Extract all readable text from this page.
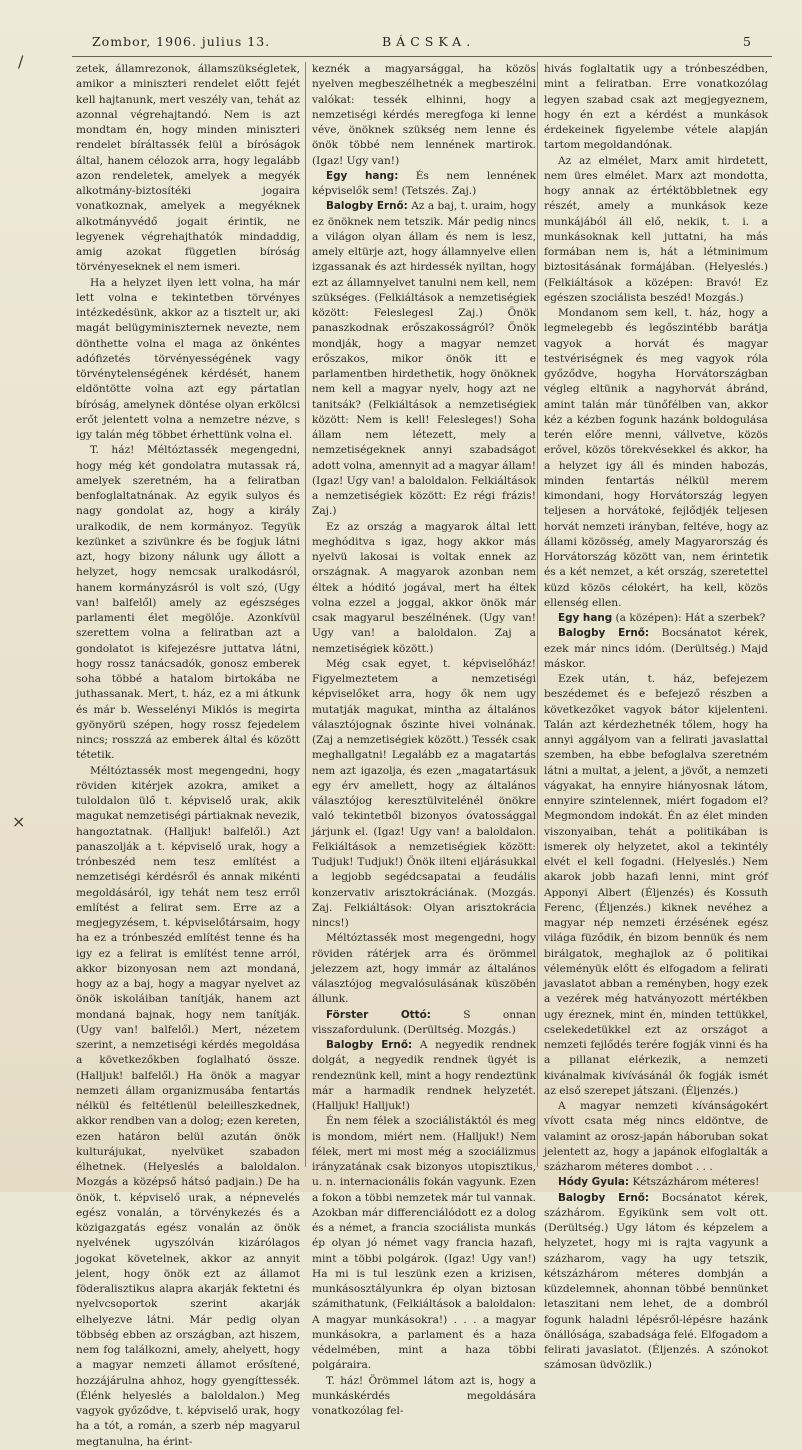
Zombor, 1906. julius 13.	BÁCSKA.	5

zetek, államrezonok, államszükségletek, amikor a miniszteri rendelet előtt fejét kell hajtanunk, mert veszély van, tehát az azonnal végrehajtandó. Nem is azt mondtam én, hogy minden miniszteri rendelet bíráltassék felül a bíróságok által, hanem célozok arra, hogy legalább azon rendeletek, amelyek a megyék alkotmány-biztosítéki jogaira vonatkoznak, amelyek a megyéknek alkotmányvédő jogait érintik, ne legyenek végrehajthatók mindaddig, amig azokat független bíróság törvényeseknek el nem ismeri.

Ha a helyzet ilyen lett volna, ha már lett volna e tekintetben törvényes intézkedésünk, akkor az a tisztelt ur, aki magát belügyminiszternek nevezte, nem dönthette volna el maga az önkéntes adófizetés törvényességének vagy törvénytelenségének kérdését, hanem eldöntötte volna azt egy pártatlan bíróság, amelynek döntése olyan erkölcsi erőt jelentett volna a nemzetre nézve, s igy talán még többet érhettünk volna el.

T. ház! Méltóztassék megengedni, hogy még két gondolatra mutassak rá, amelyek szeretném, ha a feliratban benfoglaltatnának. Az egyik sulyos és nagy gondolat az, hogy a király uralkodik, de nem kormányoz. Tegyük kezünket a szivünkre és be fogjuk látni azt, hogy bizony nálunk ugy állott a helyzet, hogy nemcsak uralkodásról, hanem kormányzásról is volt szó, (Ugy van! balfelől) amely az egészséges parlamenti élet megölője. Azonkívül szerettem volna a feliratban azt a gondolatot is kifejezésre juttatva látni, hogy rossz tanácsadók, gonosz emberek soha többé a hatalom birtokába ne juthassanak. Mert, t. ház, ez a mi átkunk és már b. Wesselényi Miklós is megirta gyönyörü szépen, hogy rossz fejedelem nincs; rosszzá az emberek által és között tétetik.

Méltóztassék most megengedni, hogy röviden kitérjek azokra, amiket a tuloldalon ülő t. képviselő urak, akik magukat nemzetiségi pártiaknak nevezik, hangoztatnak. (Halljuk! balfelől.) Azt panaszolják a t. képviselő urak, hogy a trónbeszéd nem tesz említést a nemzetiségi kérdésről és annak mikénti megoldásáról, igy tehát nem tesz erről említést a felirat sem. Erre az a megjegyzésem, t. képviselőtársaim, hogy ha ez a trónbeszéd említést tenne és ha igy ez a felirat is említést tenne arról, akkor bizonyosan nem azt mondaná, hogy az a baj, hogy a magyar nyelvet az önök iskoláiban tanítják, hanem azt mondaná bajnak, hogy nem tanítják. (Ugy van! balfelől.) Mert, nézetem szerint, a nemzetiségi kérdés megoldása a következőkben foglalható össze. (Halljuk! balfelől.) Ha önök a magyar nemzeti állam organizmusába fentartás nélkül és feltétlenül beleilleszkednek, akkor rendben van a dolog; ezen kereten, ezen határon belül azután önök kulturájukat, nyelvüket szabadon élhetnek. (Helyeslés a baloldalon. Mozgás a középső hátsó padjain.) De ha önök, t. képviselő urak, a népnevelés egész vonalán, a törvénykezés és a közigazgatás egész vonalán az önök nyelvének ugyszólván kizárólagos jogokat követelnek, akkor az annyit jelent, hogy önök ezt az államot föderalisztikus alapra akarják fektetni és nyelvcsoportok szerint akarják elhelyezve látni. Már pedig olyan többség ebben az országban, azt hiszem, nem fog találkozni, amely, ahelyett, hogy a magyar nemzeti államot erősítené, hozzájárulna ahhoz, hogy gyengíttessék. (Élénk helyeslés a baloldalon.) Meg vagyok győződve, t. képviselő urak, hogy ha a tót, a román, a szerb nép magyarul megtanulna, ha érint-

keznék a magyarsággal, ha közös nyelven megbeszélhetnék a megbeszélni valókat: tessék elhinni, hogy a nemzetiségi kérdés meregfoga ki lenne véve, önöknek szükség nem lenne és önök többé nem lennének martirok. (Igaz! Ugy van!)

Egy hang: És nem lennének képviselők sem! (Tetszés. Zaj.)

Balogby Ernő: Az a baj, t. uraim, hogy ez önöknek nem tetszik. Már pedig nincs a világon olyan állam és nem is lesz, amely eltürje azt, hogy államnyelve ellen izgassanak és azt hirdessék nyiltan, hogy ezt az államnyelvet tanulni nem kell, nem szükséges. (Felkiáltások a nemzetiségiek között: Feleslegesl Zaj.) Önök panaszkodnak erőszakosságról? Önök mondják, hogy a magyar nemzet erőszakos, mikor önök itt e parlamentben hirdethetik, hogy önöknek nem kell a magyar nyelv, hogy azt ne tanitsák? (Felkiáltások a nemzetiségiek között: Nem is kell! Felesleges!) Soha állam nem létezett, mely a nemzetiségeknek annyi szabadságot adott volna, amennyit ad a magyar állam! (Igaz! Ugy van! a baloldalon. Felkiáltások a nemzetiségiek között: Ez régi frázis! Zaj.)

Ez az ország a magyarok által lett meghóditva s igaz, hogy akkor más nyelvü lakosai is voltak ennek az országnak. A magyarok azonban nem éltek a hóditó jogával, mert ha éltek volna ezzel a joggal, akkor önök már csak magyarul beszélnének. (Ugy van! Ugy van! a baloldalon. Zaj a nemzetiségiek között.)

Még csak egyet, t. képviselőház! Figyelmeztetem a nemzetiségi képviselőket arra, hogy ők nem ugy mutatják magukat, mintha az általános választójognak őszinte hivei volnának. (Zaj a nemzetiségiek között.) Tessék csak meghallgatni! Legalább ez a magatartás nem azt igazolja, és ezen „magatartásuk egy érv amellett, hogy az általános választójog keresztülvitelénél önökre való tekintetből bizonyos óvatossággal járjunk el. (Igaz! Ugy van! a baloldalon. Felkiáltások a nemzetiségiek között: Tudjuk! Tudjuk!) Önök ilteni eljárásukkal a legjobb segédcsapatai a feudális konzervativ arisztokráciának. (Mozgás. Zaj. Felkiáltások: Olyan arisztokrácia nincs!)

Méltóztassék most megengedni, hogy röviden rátérjek arra és örömmel jelezzem azt, hogy immár az általános választójog megvalósulásának küszöbén állunk.

Förster Ottó: S onnan visszafordulunk. (Derültség. Mozgás.)

Balogby Ernő: A negyedik rendnek dolgát, a negyedik rendnek ügyét is rendeznünk kell, mint a hogy rendeztünk már a harmadik rendnek helyzetét. (Halljuk! Halljuk!)

Én nem félek a szociálistáktól és meg is mondom, miért nem. (Halljuk!) Nem félek, mert mi most még a szociálizmus irányzatának csak bizonyos utopisztikus, u. n. internacionális fokán vagyunk. Ezen a fokon a többi nemzetek már tul vannak. Azokban már differenciálódott ez a dolog és a német, a francia szociálista munkás ép olyan jó német vagy francia hazafi, mint a többi polgárok. (Igaz! Ugy van!) Ha mi is tul leszünk ezen a krizisen, munkásosztályunkra ép olyan biztosan számithatunk, (Felkiáltások a baloldalon: A magyar munkásokra!) . . . a magyar munkásokra, a parlament és a haza védelmében, mint a haza többi polgáraira.

T. ház! Örömmel látom azt is, hogy a munkáskérdés megoldására vonatkozólag fel-

hivás foglaltatik ugy a trónbeszédben, mint a feliratban. Erre vonatkozólag legyen szabad csak azt megjegyeznem, hogy én ezt a kérdést a munkások érdekeinek figyelembe vétele alapján tartom megoldandónak.

Az az elmélet, Marx amit hirdetett, nem üres elmélet. Marx azt mondotta, hogy annak az értéktöbbletnek egy részét, amely a munkások keze munkájából áll elő, nekik, t. i. a munkásoknak kell juttatni, ha más formában nem is, hát a létminimum biztositásának formájában. (Helyeslés.) (Felkiáltások a középen: Bravó! Ez egészen szociálista beszéd! Mozgás.)

Mondanom sem kell, t. ház, hogy a legmelegebb és legőszintébb barátja vagyok a horvát és magyar testvériségnek és meg vagyok róla győződve, hogyha Horvátországban végleg eltünik a nagyhorvát ábránd, amint talán már tünőfélben van, akkor kéz a kézben fogunk hazánk boldogulása terén előre menni, vállvetve, közös erővel, közös törekvésekkel és akkor, ha a helyzet igy áll és minden habozás, minden fentartás nélkül merem kimondani, hogy Horvátország legyen teljesen a horvátoké, fejlődjék teljesen horvát nemzeti irányban, feltéve, hogy az állami közösség, amely Magyarország és Horvátország között van, nem érintetik és a két nemzet, a két ország, szeretettel küzd közös célokért, ha kell, közös ellenség ellen.

Egy hang (a középen): Hát a szerbek?

Balogby Ernő: Bocsánatot kérek, ezek már nincs idóm. (Derültség.) Majd máskor.

Ezek után, t. ház, befejezem beszédemet és e befejező részben a következőket vagyok bátor kijelenteni. Talán azt kérdezhetnék tőlem, hogy ha annyi aggályom van a felirati javaslattal szemben, ha ebbe befoglalva szeretném látni a multat, a jelent, a jövőt, a nemzeti vágyakat, ha ennyire hiányosnak látom, ennyire szintelennek, miért fogadom el? Megmondom indokát. Én az élet minden viszonyaiban, tehát a politikában is ismerek oly helyzetet, akol a tekintély elvét el kell fogadni. (Helyeslés.) Nem akarok jobb hazafi lenni, mint gróf Apponyi Albert (Éljenzés) és Kossuth Ferenc, (Éljenzés.) kiknek nevéhez a magyar nép nemzeti érzésének egész világa füződik, én bizom bennük és nem birálgatok, meghajlok az ő politikai véleményük előtt és elfogadom a felirati javaslatot abban a reményben, hogy ezek a vezérek még hatványozott mértékben ugy éreznek, mint én, minden tettükkel, cselekedetükkel ezt az országot a nemzeti fejlődés terére fogják vinni és ha a pillanat elérkezik, a nemzeti kivánalmak kivívásánál ők fogják ismét az első szerepet játszani. (Éljenzés.)

A magyar nemzeti kívánságokért vívott csata még nincs eldöntve, de valamint az orosz-japán háboruban sokat jelentett az, hogy a japánok elfoglalták a százharom méteres dombot . . .

Hódy Gyula: Kétszázhárom méteres!

Balogby Ernő: Bocsánatot kérek, százhárom. Egyikünk sem volt ott. (Derültség.) Ugy látom és képzelem a helyzetet, hogy mi is rajta vagyunk a százharom, vagy ha ugy tetszik, kétszázhárom méteres dombján a küzdelemnek, ahonnan többé bennünket letaszitani nem lehet, de a dombról fogunk haladni lépésről-lépésre hazánk önállósága, szabadsága felé. Elfogadom a felirati javaslatot. (Éljenzés. A szónokot számosan üdvözlik.)

/
×
